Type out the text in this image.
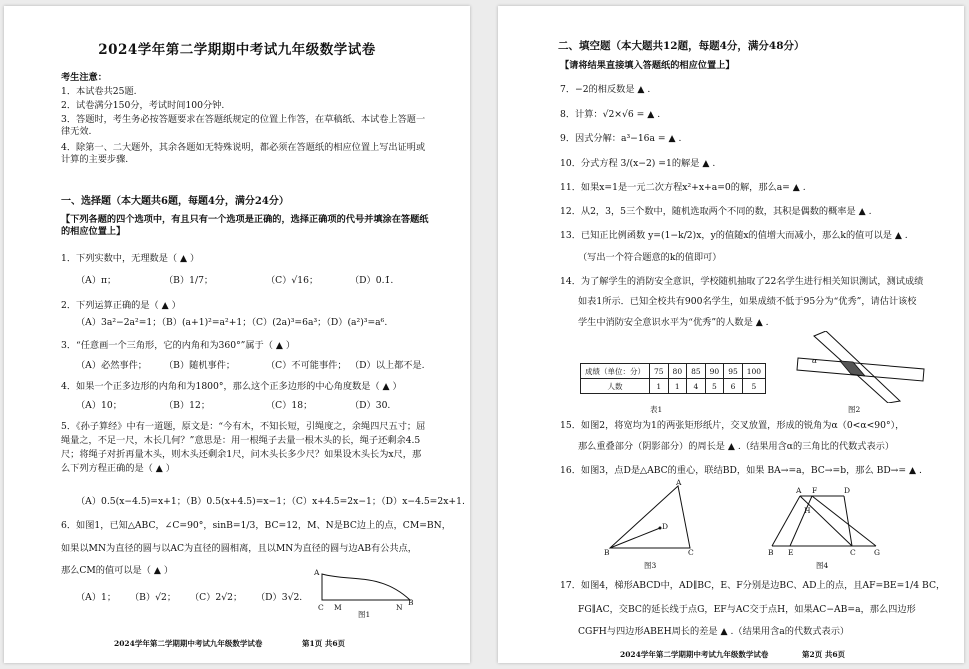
2024学年第二学期期中考试九年级数学试卷
考生注意：
1．本试卷共25题.
2．试卷满分150分，考试时间100分钟.
3．答题时，考生务必按答题要求在答题纸规定的位置上作答，在草稿纸、本试卷上答题一律无效.
4．除第一、二大题外，其余各题如无特殊说明，都必须在答题纸的相应位置上写出证明或计算的主要步骤.
一、选择题（本大题共6题，每题4分，满分24分）
【下列各题的四个选项中，有且只有一个选项是正确的，选择正确项的代号并填涂在答题纸的相应位置上】
1．下列实数中，无理数是（ ▲ ）
（A）π；	（B）1/7；	（C）√16；	（D）0.1̇.
2．下列运算正确的是（ ▲ ）
（A）3a²−2a²=1；（B）(a+1)²=a²+1；（C）(2a)³=6a³；（D）(a²)³=a⁶.
3．“任意画一个三角形，它的内角和为360°”属于（ ▲ ）
（A）必然事件； （B）随机事件；	（C）不可能事件； （D）以上都不是.
4．如果一个正多边形的内角和为1800°，那么这个正多边形的中心角度数是（ ▲ ）
（A）10；	（B）12；	（C）18；	（D）30.
5．《孙子算经》中有一道题，原文是：“今有木，不知长短，引绳度之，余绳四尺五寸；屈绳量之，不足一尺，木长几何？”意思是：用一根绳子去量一根木头的长，绳子还剩余4.5尺；将绳子对折再量木头，则木头还剩余1尺，问木头长多少尺？如果设木头长为x尺，那么下列方程正确的是（ ▲ ）
（A）0.5(x−4.5)=x+1；（B）0.5(x+4.5)=x−1；（C）x+4.5=2x−1；（D）x−4.5=2x+1.
6．如图1，已知△ABC，∠C=90°，sinB=1/3，BC=12，M、N是BC边上的点，CM=BN，
如果以MN为直径的圆与以AC为直径的圆相离，且以MN为直径的圆与边AB有公共点，
那么CM的值可以是（ ▲ ）
（A）1； （B）√2； （C）2√2； （D）3√2.
A
C M	N
B
图1
2024学年第二学期期中考试九年级数学试卷	第1页 共6页
二、填空题（本大题共12题，每题4分，满分48分）
【请将结果直接填入答题纸的相应位置上】
7．−2的相反数是 ▲ .
8．计算：√2×√6 = ▲ .
9．因式分解：a³−16a = ▲ .
10．分式方程 3/(x−2) =1的解是 ▲ .
11．如果x=1是一元二次方程x²+x+a=0的解，那么a= ▲ .
12．从2，3，5三个数中，随机选取两个不同的数，其积是偶数的概率是 ▲ .
13．已知正比例函数 y=(1−k/2)x，y的值随x的值增大而减小，那么k的值可以是 ▲ .
（写出一个符合题意的k的值即可）
14．为了解学生的消防安全意识，学校随机抽取了22名学生进行相关知识测试，测试成绩
如表1所示．已知全校共有900名学生，如果成绩不低于95分为“优秀”，请估计该校
学生中消防安全意识水平为“优秀”的人数是 ▲ .
成绩（单位：分）	75	80	85	90	95	100
人数	1	1	4	5	6	5
表1
α
图2
15．如图2，将宽均为1的两张矩形纸片，交叉放置，形成的锐角为α（0<α<90°），
那么重叠部分（阴影部分）的周长是 ▲ .（结果用含α的三角比的代数式表示）
16．如图3，点D是△ABC的重心，联结BD，如果 BA→=a，BC→=b，那么 BD→= ▲ .
A
D
B	C
图3
A F	D
H
B E	C G
图4
17．如图4，梯形ABCD中，AD∥BC，E、F分别是边BC、AD上的点，且AF=BE=1/4 BC，
FG∥AC，交BC的延长线于点G，EF与AC交于点H，如果AC−AB=a，那么四边形
CGFH与四边形ABEH周长的差是 ▲ .（结果用含a的代数式表示）
2024学年第二学期期中考试九年级数学试卷	第2页 共6页
